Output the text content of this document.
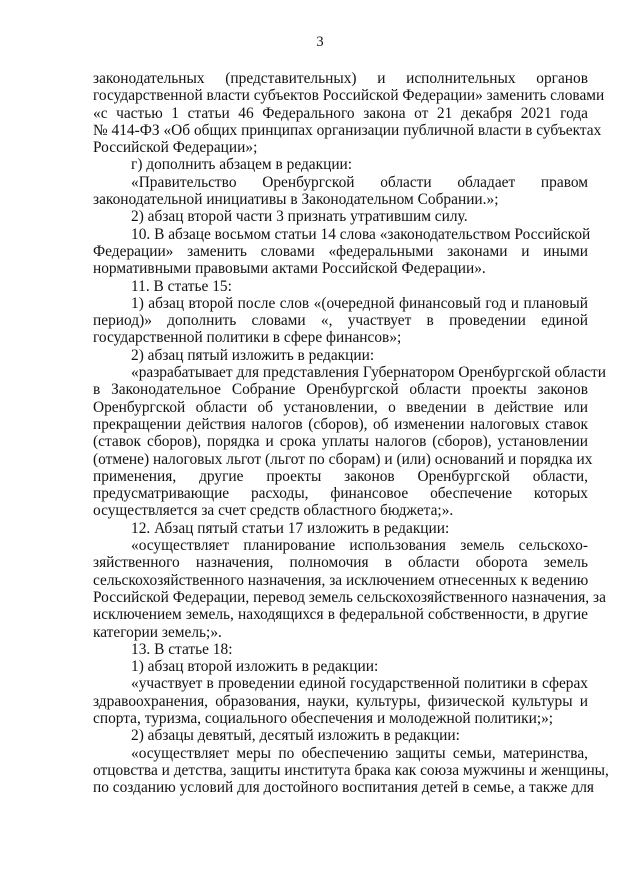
3
законодательных (представительных) и исполнительных органов
государственной власти субъектов Российской Федерации» заменить словами
«с частью 1 статьи 46 Федерального закона от 21 декабря 2021 года
№ 414-ФЗ «Об общих принципах организации публичной власти в субъектах
Российской Федерации»;
г) дополнить абзацем в редакции:
«Правительство Оренбургской области обладает правом
законодательной инициативы в Законодательном Собрании.»;
2) абзац второй части 3 признать утратившим силу.
10. В абзаце восьмом статьи 14 слова «законодательством Российской
Федерации» заменить словами «федеральными законами и иными
нормативными правовыми актами Российской Федерации».
11. В статье 15:
1) абзац второй после слов «(очередной финансовый год и плановый
период)» дополнить словами «, участвует в проведении единой
государственной политики в сфере финансов»;
2) абзац пятый изложить в редакции:
«разрабатывает для представления Губернатором Оренбургской области
в Законодательное Собрание Оренбургской области проекты законов
Оренбургской области об установлении, о введении в действие или
прекращении действия налогов (сборов), об изменении налоговых ставок
(ставок сборов), порядка и срока уплаты налогов (сборов), установлении
(отмене) налоговых льгот (льгот по сборам) и (или) оснований и порядка их
применения, другие проекты законов Оренбургской области,
предусматривающие расходы, финансовое обеспечение которых
осуществляется за счет средств областного бюджета;».
12. Абзац пятый статьи 17 изложить в редакции:
«осуществляет планирование использования земель сельскохо-
зяйственного назначения, полномочия в области оборота земель
сельскохозяйственного назначения, за исключением отнесенных к ведению
Российской Федерации, перевод земель сельскохозяйственного назначения, за
исключением земель, находящихся в федеральной собственности, в другие
категории земель;».
13. В статье 18:
1) абзац второй изложить в редакции:
«участвует в проведении единой государственной политики в сферах
здравоохранения, образования, науки, культуры, физической культуры и
спорта, туризма, социального обеспечения и молодежной политики;»;
2) абзацы девятый, десятый изложить в редакции:
«осуществляет меры по обеспечению защиты семьи, материнства,
отцовства и детства, защиты института брака как союза мужчины и женщины,
по созданию условий для достойного воспитания детей в семье, а также для
